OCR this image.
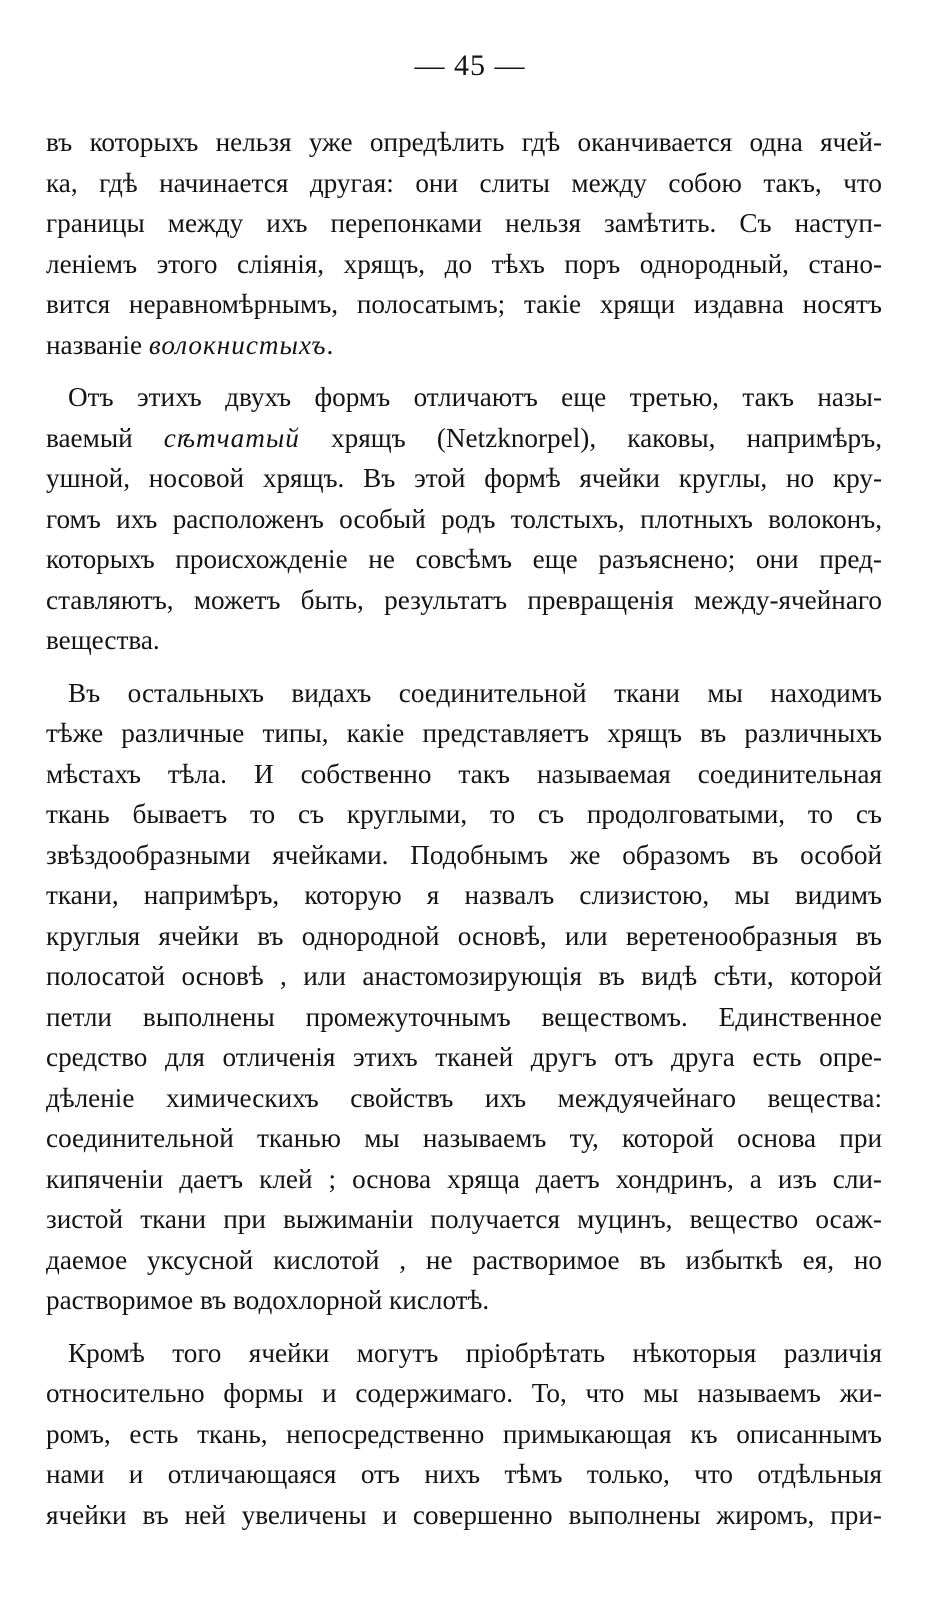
— 45 —
въ которыхъ нельзя уже опредѣлить гдѣ оканчивается одна ячей-
ка, гдѣ начинается другая: они слиты между собою такъ, что
границы между ихъ перепонками нельзя замѣтить. Съ наступ-
леніемъ этого сліянія, хрящъ, до тѣхъ поръ однородный, стано-
вится неравномѣрнымъ, полосатымъ; такіе хрящи издавна носятъ
названіе волокнистыхъ.
Отъ этихъ двухъ формъ отличаютъ еще третью, такъ назы-
ваемый сѣтчатый хрящъ (Netzknorpel), каковы, напримѣръ,
ушной, носовой хрящъ. Въ этой формѣ ячейки круглы, но кру-
гомъ ихъ расположенъ особый родъ толстыхъ, плотныхъ волоконъ,
которыхъ происхожденіе не совсѣмъ еще разъяснено; они пред-
ставляютъ, можетъ быть, результатъ превращенія между-ячейнаго
вещества.
Въ остальныхъ видахъ соединительной ткани мы находимъ
тѣже различные типы, какіе представляетъ хрящъ въ различныхъ
мѣстахъ тѣла. И собственно такъ называемая соединительная
ткань бываетъ то съ круглыми, то съ продолговатыми, то съ
звѣздообразными ячейками. Подобнымъ же образомъ въ особой
ткани, напримѣръ, которую я назвалъ слизистою, мы видимъ
круглыя ячейки въ однородной основѣ, или веретенообразныя въ
полосатой основѣ , или анастомозирующія въ видѣ сѣти, которой
петли выполнены промежуточнымъ веществомъ. Единственное
средство для отличенія этихъ тканей другъ отъ друга есть опре-
дѣленіе химическихъ свойствъ ихъ междуячейнаго вещества:
соединительной тканью мы называемъ ту, которой основа при
кипяченіи даетъ клей ; основа хряща даетъ хондринъ, а изъ сли-
зистой ткани при выжиманіи получается муцинъ, вещество осаж-
даемое уксусной кислотой , не растворимое въ избыткѣ ея, но
растворимое въ водохлорной кислотѣ.
Кромѣ того ячейки могутъ пріобрѣтать нѣкоторыя различія
относительно формы и содержимаго. То, что мы называемъ жи-
ромъ, есть ткань, непосредственно примыкающая къ описаннымъ
нами и отличающаяся отъ нихъ тѣмъ только, что отдѣльныя
ячейки въ ней увеличены и совершенно выполнены жиромъ, при-
